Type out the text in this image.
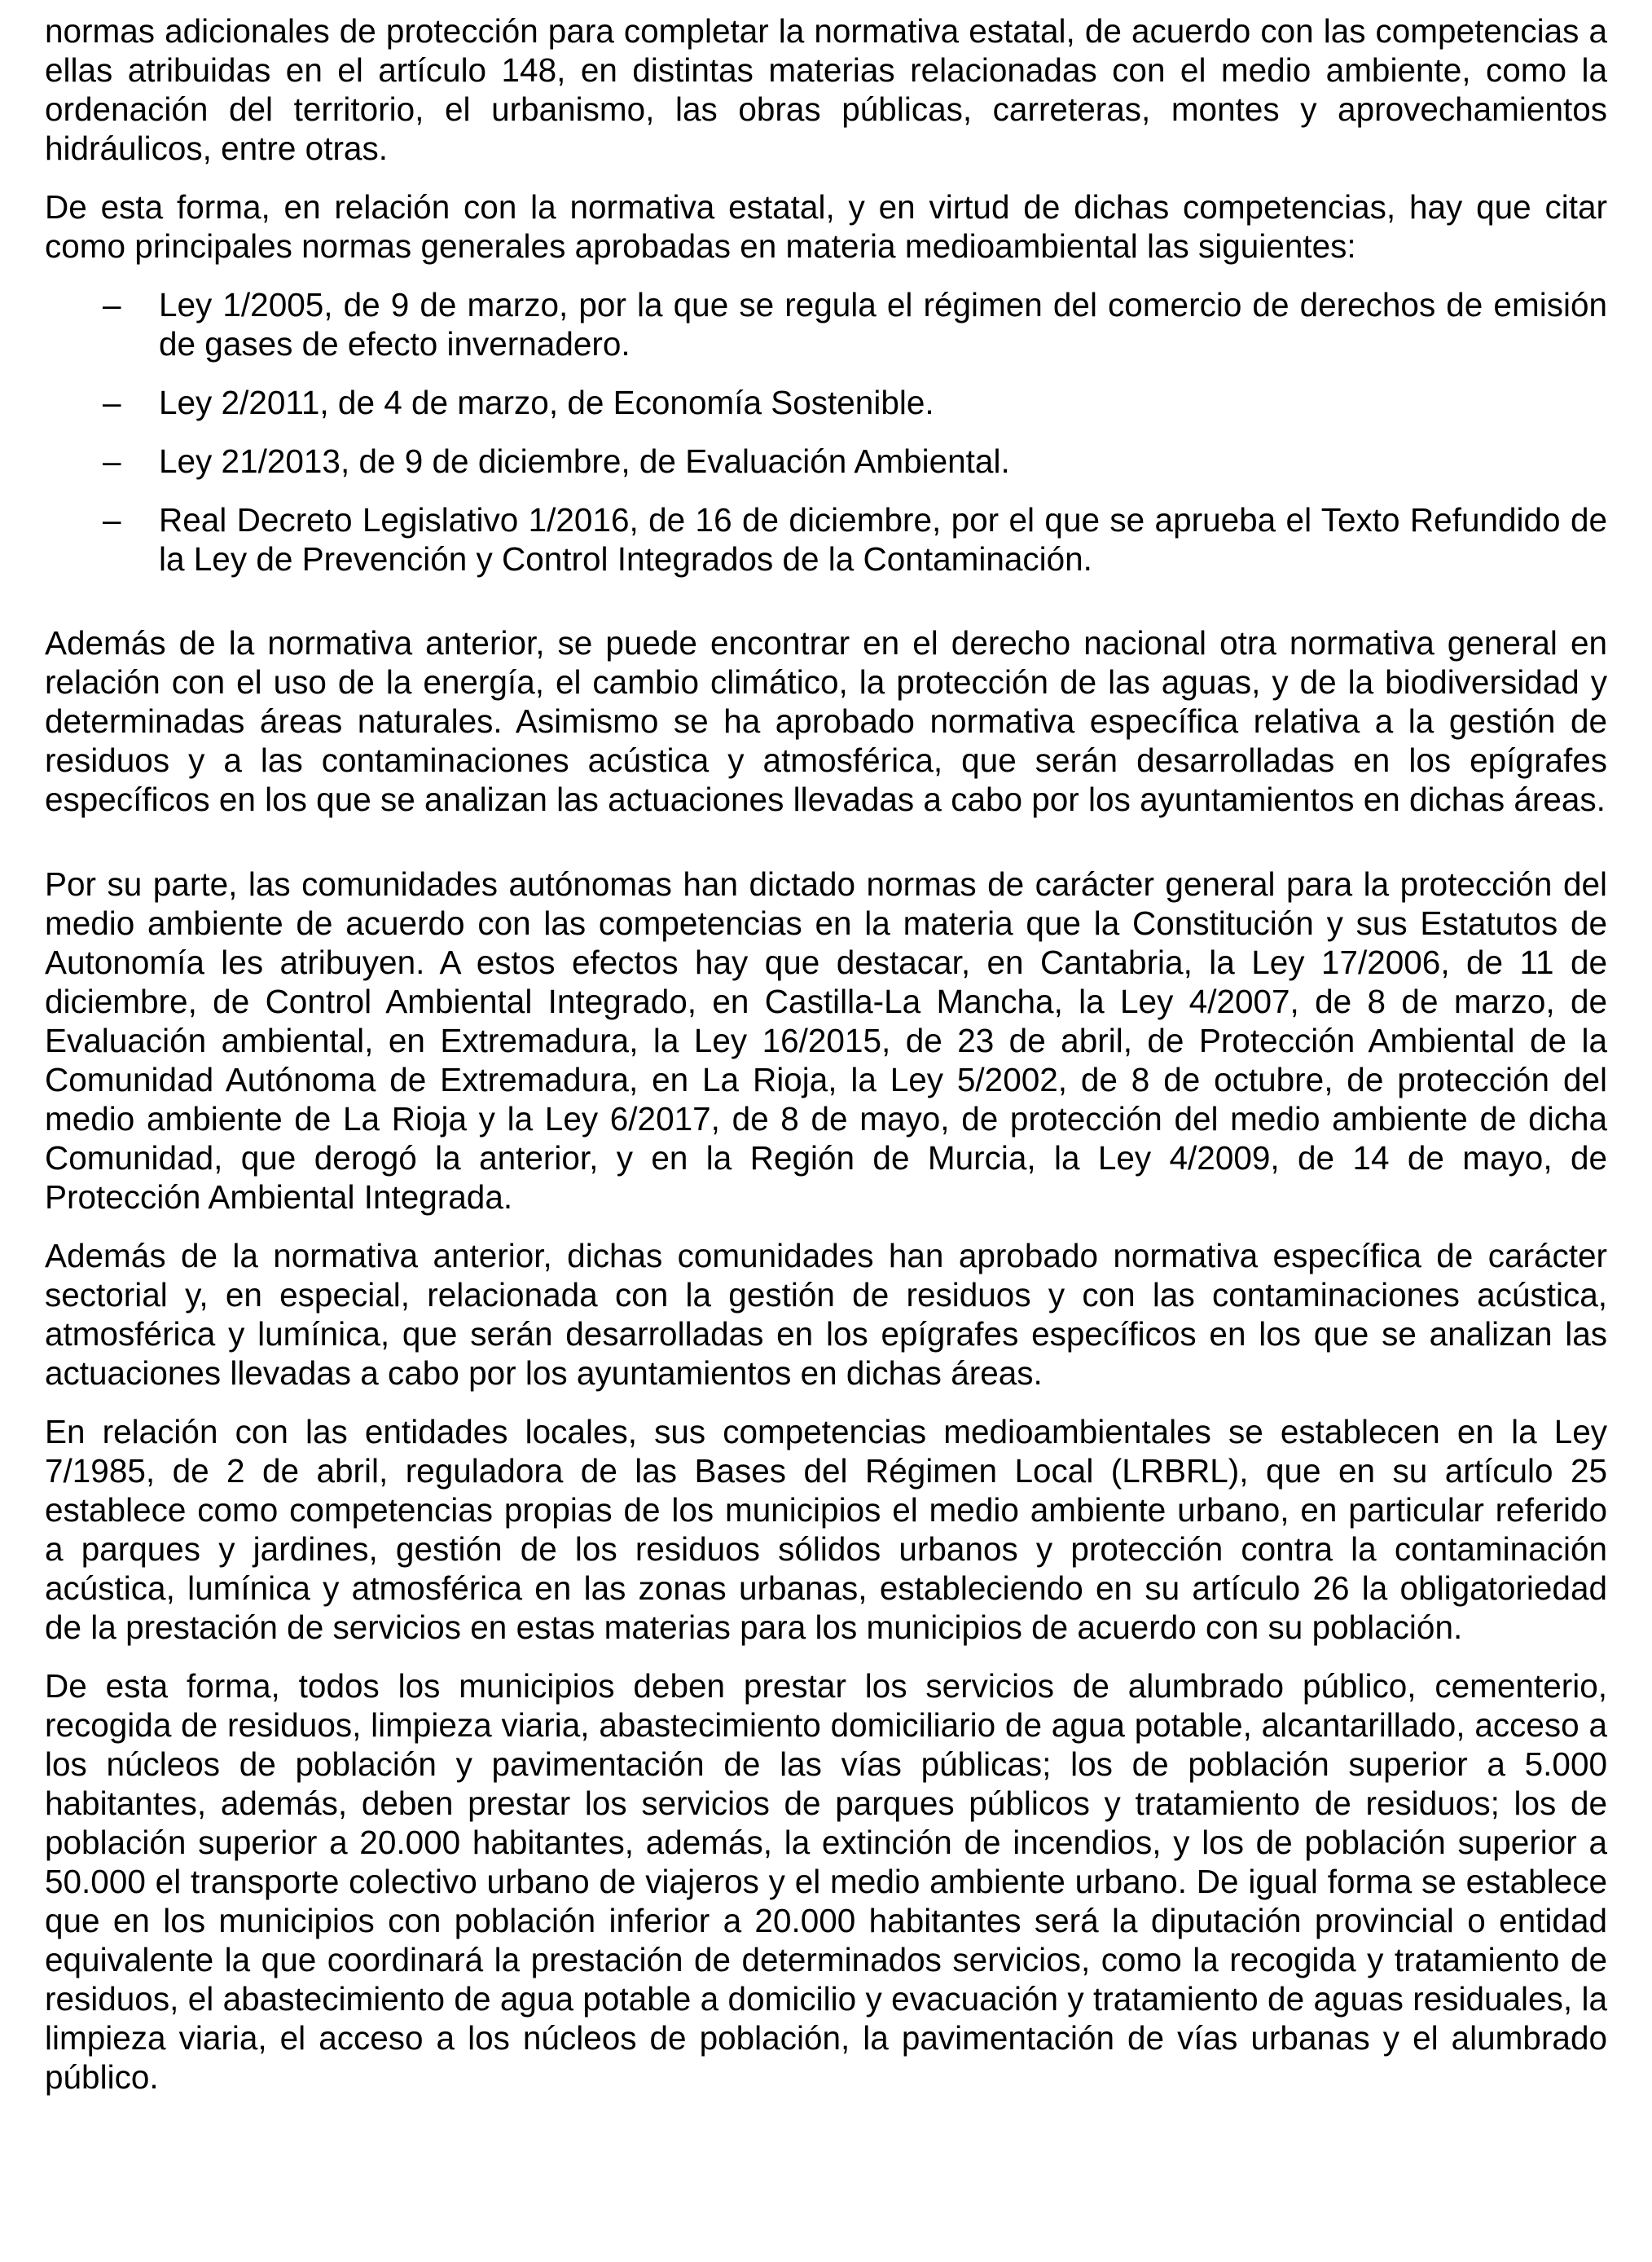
normas adicionales de protección para completar la normativa estatal, de acuerdo con las competencias a ellas atribuidas en el artículo 148, en distintas materias relacionadas con el medio ambiente, como la ordenación del territorio, el urbanismo, las obras públicas, carreteras, montes y aprovechamientos hidráulicos, entre otras.

De esta forma, en relación con la normativa estatal, y en virtud de dichas competencias, hay que citar como principales normas generales aprobadas en materia medioambiental las siguientes:

– Ley 1/2005, de 9 de marzo, por la que se regula el régimen del comercio de derechos de emisión de gases de efecto invernadero.
– Ley 2/2011, de 4 de marzo, de Economía Sostenible.
– Ley 21/2013, de 9 de diciembre, de Evaluación Ambiental.
– Real Decreto Legislativo 1/2016, de 16 de diciembre, por el que se aprueba el Texto Refundido de la Ley de Prevención y Control Integrados de la Contaminación.

Además de la normativa anterior, se puede encontrar en el derecho nacional otra normativa general en relación con el uso de la energía, el cambio climático, la protección de las aguas, y de la biodiversidad y determinadas áreas naturales. Asimismo se ha aprobado normativa específica relativa a la gestión de residuos y a las contaminaciones acústica y atmosférica, que serán desarrolladas en los epígrafes específicos en los que se analizan las actuaciones llevadas a cabo por los ayuntamientos en dichas áreas.

Por su parte, las comunidades autónomas han dictado normas de carácter general para la protección del medio ambiente de acuerdo con las competencias en la materia que la Constitución y sus Estatutos de Autonomía les atribuyen. A estos efectos hay que destacar, en Cantabria, la Ley 17/2006, de 11 de diciembre, de Control Ambiental Integrado, en Castilla-La Mancha, la Ley 4/2007, de 8 de marzo, de Evaluación ambiental, en Extremadura, la Ley 16/2015, de 23 de abril, de Protección Ambiental de la Comunidad Autónoma de Extremadura, en La Rioja, la Ley 5/2002, de 8 de octubre, de protección del medio ambiente de La Rioja y la Ley 6/2017, de 8 de mayo, de protección del medio ambiente de dicha Comunidad, que derogó la anterior, y en la Región de Murcia, la Ley 4/2009, de 14 de mayo, de Protección Ambiental Integrada.

Además de la normativa anterior, dichas comunidades han aprobado normativa específica de carácter sectorial y, en especial, relacionada con la gestión de residuos y con las contaminaciones acústica, atmosférica y lumínica, que serán desarrolladas en los epígrafes específicos en los que se analizan las actuaciones llevadas a cabo por los ayuntamientos en dichas áreas.

En relación con las entidades locales, sus competencias medioambientales se establecen en la Ley 7/1985, de 2 de abril, reguladora de las Bases del Régimen Local (LRBRL), que en su artículo 25 establece como competencias propias de los municipios el medio ambiente urbano, en particular referido a parques y jardines, gestión de los residuos sólidos urbanos y protección contra la contaminación acústica, lumínica y atmosférica en las zonas urbanas, estableciendo en su artículo 26 la obligatoriedad de la prestación de servicios en estas materias para los municipios de acuerdo con su población.

De esta forma, todos los municipios deben prestar los servicios de alumbrado público, cementerio, recogida de residuos, limpieza viaria, abastecimiento domiciliario de agua potable, alcantarillado, acceso a los núcleos de población y pavimentación de las vías públicas; los de población superior a 5.000 habitantes, además, deben prestar los servicios de parques públicos y tratamiento de residuos; los de población superior a 20.000 habitantes, además, la extinción de incendios, y los de población superior a 50.000 el transporte colectivo urbano de viajeros y el medio ambiente urbano. De igual forma se establece que en los municipios con población inferior a 20.000 habitantes será la diputación provincial o entidad equivalente la que coordinará la prestación de determinados servicios, como la recogida y tratamiento de residuos, el abastecimiento de agua potable a domicilio y evacuación y tratamiento de aguas residuales, la limpieza viaria, el acceso a los núcleos de población, la pavimentación de vías urbanas y el alumbrado público.
